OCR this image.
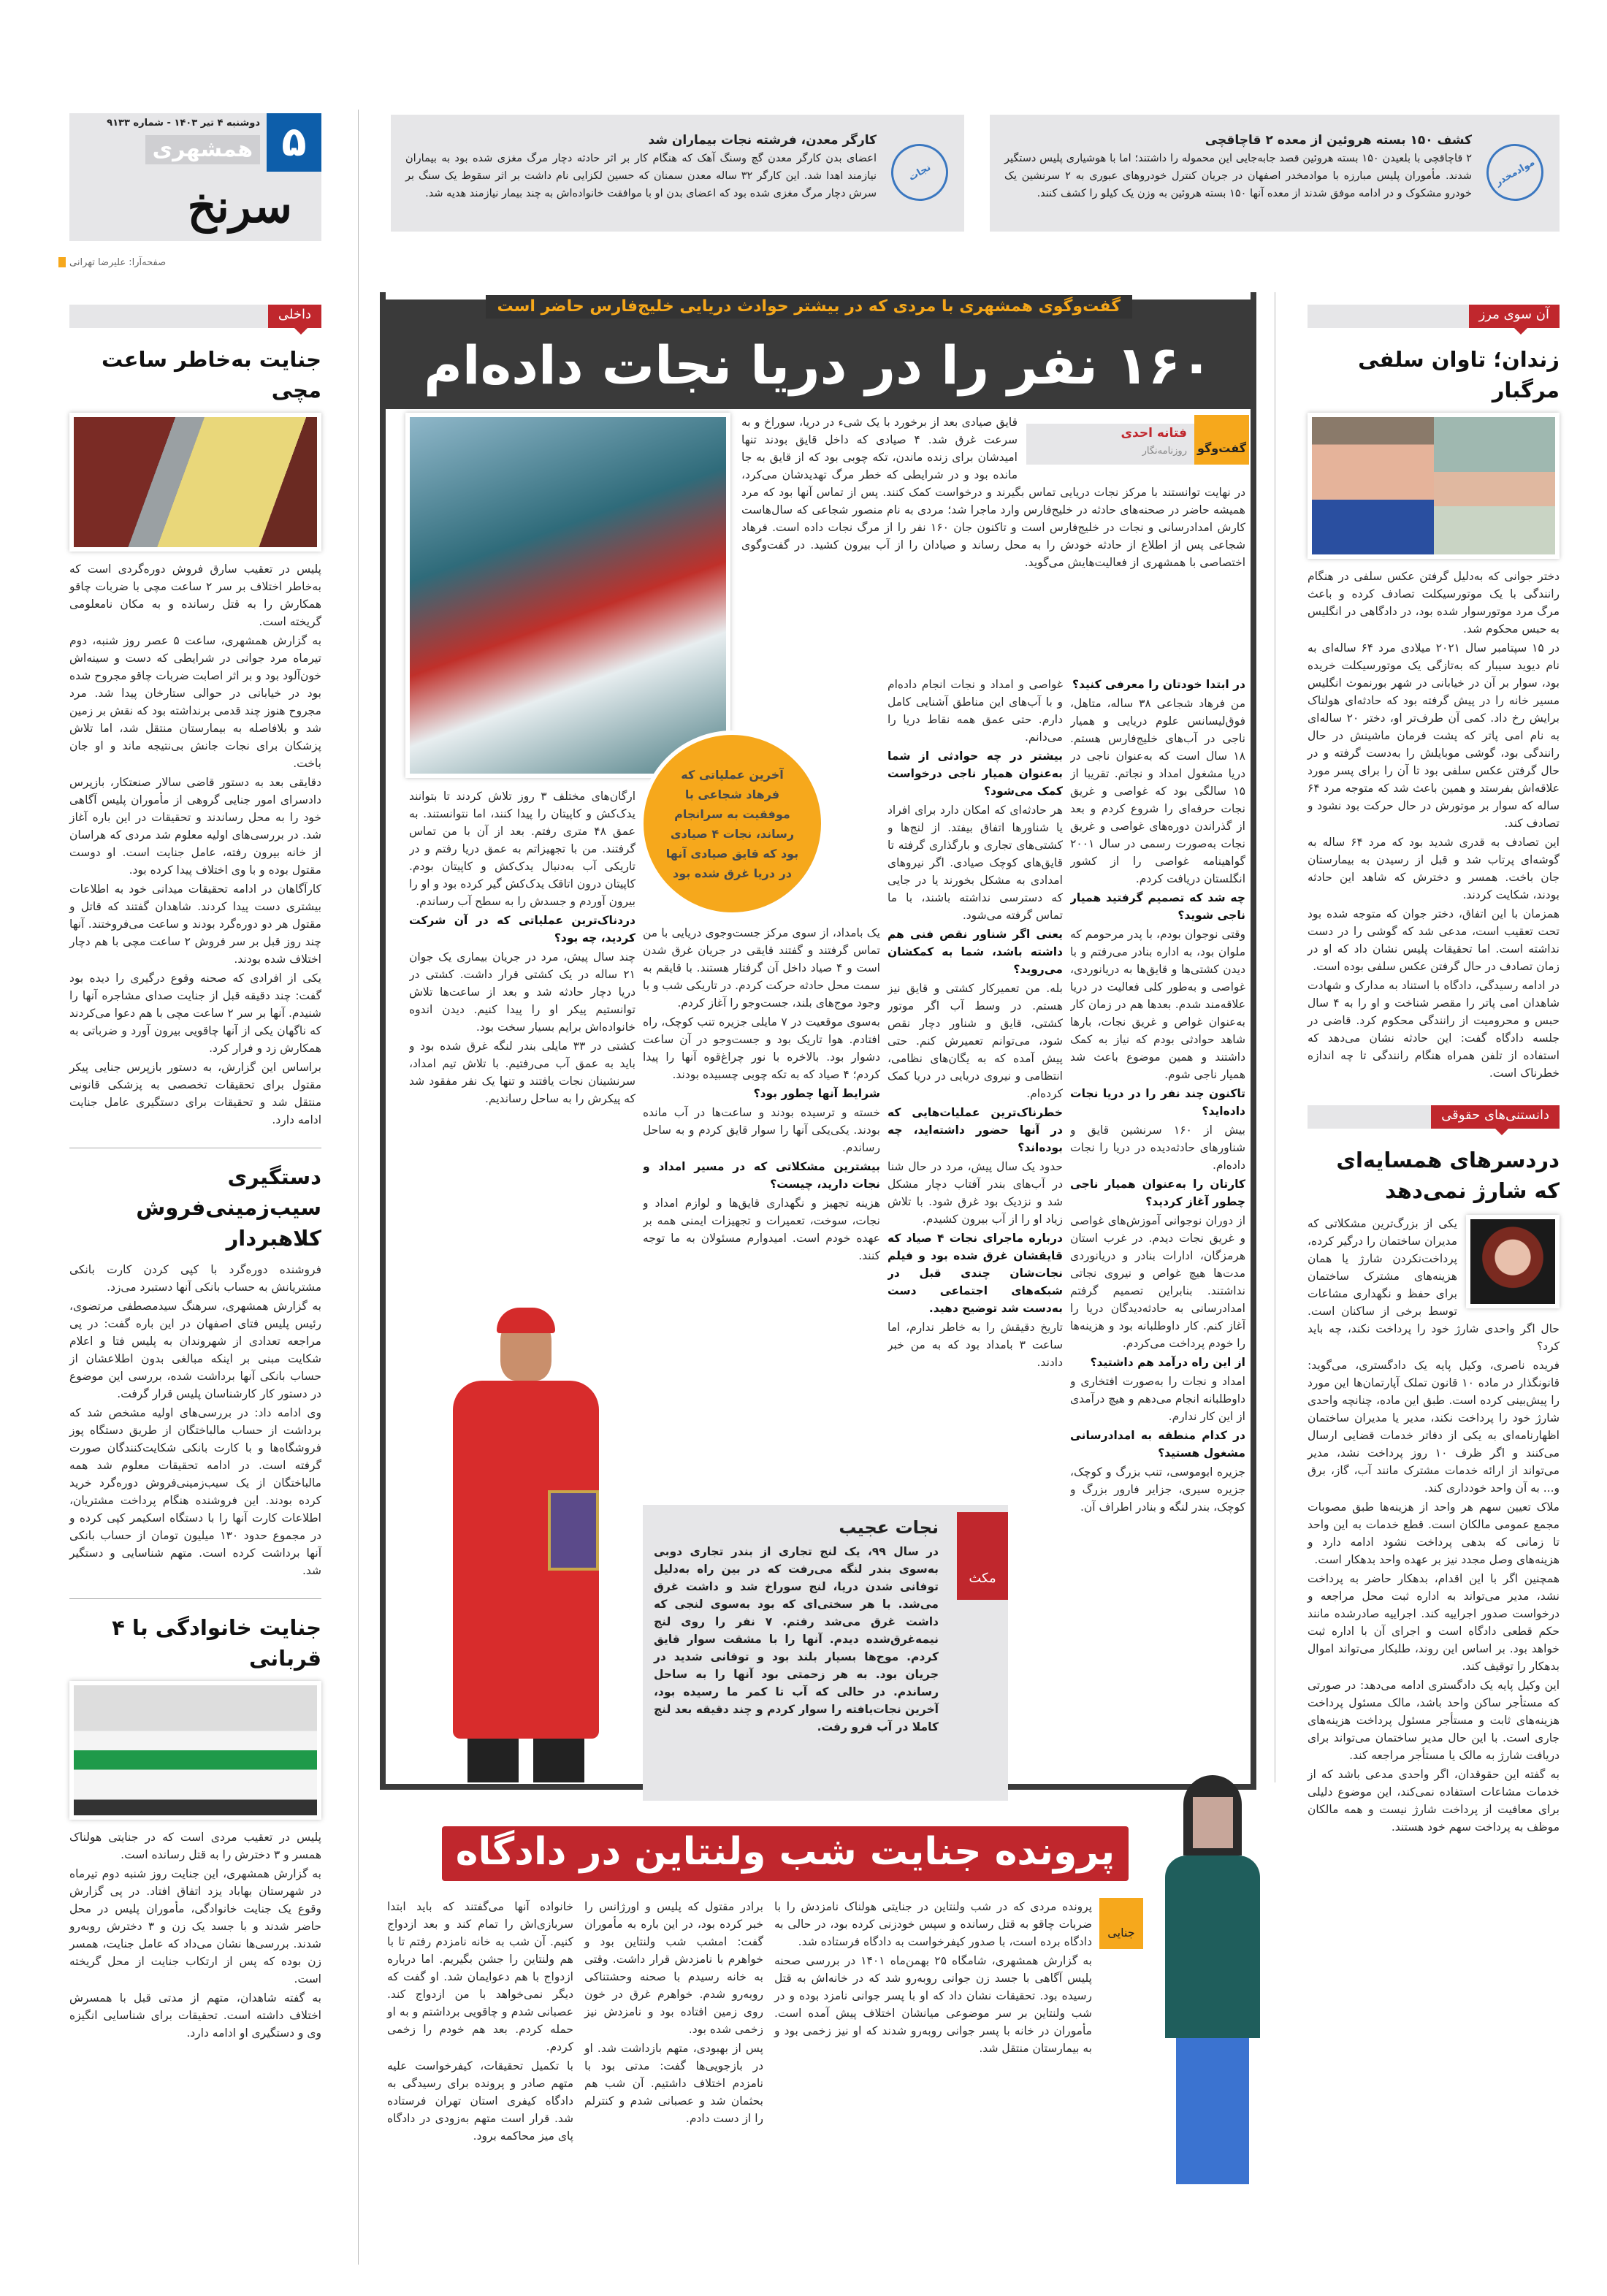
۵
دوشنبه ۴ تیر ۱۴۰۳ - شماره ۹۱۳۳
همشهری
سرنخ
صفحه‌آرا: علیرضا تهرانی
موادمخدر
کشف ۱۵۰ بسته هروئین از معده ۲ قاچاقچی
۲ قاچاقچی با بلعیدن ۱۵۰ بسته هروئین قصد جابه‌جایی این محموله را داشتند؛ اما با هوشیاری پلیس دستگیر شدند. مأموران پلیس مبارزه با موادمخدر اصفهان در جریان کنترل خودروهای عبوری به ۲ سرنشین یک خودرو مشکوک و در ادامه موفق شدند از معده آنها ۱۵۰ بسته هروئین به وزن یک کیلو را کشف کنند.
نجات
کارگر معدن، فرشته نجات بیماران شد
اعضای بدن کارگر معدن گچ وسنگ آهک که هنگام کار بر اثر حادثه دچار مرگ مغزی شده بود به بیماران نیازمند اهدا شد. این کارگر ۳۲ ساله معدن سمنان که حسین لکزایی نام داشت بر اثر سقوط یک سنگ بر سرش دچار مرگ مغزی شده بود که اعضای بدن او با موافقت خانواده‌اش به چند بیمار نیازمند هدیه شد.
گفت‌وگوی همشهری با مردی که در بیشتر حوادث دریایی خلیج‌فارس حاضر است
۱۶۰ نفر را در دریا نجات داده‌ام
گفت‌وگو
فتانه احدی
روزنامه‌نگار
قایق صیادی بعد از برخورد با یک شیء در دریا، سوراخ و به سرعت غرق شد. ۴ صیادی که داخل قایق بودند تنها امیدشان برای زنده ماندن، تکه چوبی بود که از قایق به جا مانده بود و در شرایطی که خطر مرگ تهدیدشان می‌کرد، در نهایت توانستند با مرکز نجات دریایی تماس بگیرند و درخواست کمک کنند. پس از تماس آنها بود که مرد همیشه حاضر در صحنه‌های حادثه در خلیج‌فارس وارد ماجرا شد؛ مردی به نام منصور شجاعی که سال‌هاست کارش امدادرسانی و نجات در خلیج‌فارس است و تاکنون جان ۱۶۰ نفر را از مرگ نجات داده است. فرهاد شجاعی پس از اطلاع از حادثه خودش را به محل رساند و صیادان را از آب بیرون کشید. در گفت‌وگوی اختصاصی با همشهری از فعالیت‌هایش می‌گوید.

در ابتدا خودتان را معرفی کنید؟

من فرهاد شجاعی ۳۸ ساله، متاهل، فوق‌لیسانس علوم دریایی و همیار ناجی در آب‌های خلیج‌فارس هستم. ۱۸ سال است که به‌عنوان ناجی در دریا مشغول امداد و نجاتم. تقریبا از ۱۵ سالگی بود که غواصی و غریق نجات حرفه‌ای را شروع کردم و بعد از گذراندن دوره‌های غواصی و غریق نجات به‌صورت رسمی در سال ۲۰۰۱ گواهینامه غواصی را از کشور انگلستان دریافت کردم.

چه شد که تصمیم گرفتید همیار ناجی شوید؟

وقتی نوجوان بودم، با پدر مرحومم که ملوان بود، به اداره بنادر می‌رفتم و با دیدن کشتی‌ها و قایق‌ها به دریانوردی، غواصی و به‌طور کلی فعالیت در دریا علاقه‌مند شدم. بعدها هم در زمان کار به‌عنوان غواص و غریق نجات، بارها شاهد حوادثی بودم که نیاز به کمک داشتند و همین موضوع باعث شد همیار ناجی شوم.

تاکنون چند نفر را در دریا نجات داده‌اید؟

بیش از ۱۶۰ سرنشین قایق و شناورهای حادثه‌دیده در دریا را نجات داده‌ام.

کارتان را به‌عنوان همیار ناجی چطور آغاز کردید؟

از دوران نوجوانی آموزش‌های غواصی و غریق نجات دیدم. در غرب استان هرمزگان، ادارات بنادر و دریانوردی مدت‌ها هیچ غواص و نیروی نجاتی نداشتند. بنابراین تصمیم گرفتم امدادرسانی به حادثه‌دیدگان دریا را آغاز کنم. کار داوطلبانه بود و هزینه‌ها را خودم پرداخت می‌کردم.

از این راه درآمد هم داشتید؟

امداد و نجات را به‌صورت افتخاری و داوطلبانه انجام می‌دهم و هیچ درآمدی از این کار ندارم.

در کدام منطقه به امدادرسانی مشغول هستید؟

جزیره ابوموسی، تنب بزرگ و کوچک، جزیره سیری، جزایر فارور بزرگ و کوچک، بندر لنگه و بنادر اطراف آن.

غواصی و امداد و نجات انجام داده‌ام و با آب‌های این مناطق آشنایی کامل دارم. حتی عمق همه نقاط دریا را می‌دانم.

بیشتر در چه حوادثی از شما به‌عنوان همیار ناجی درخواست کمک می‌شود؟

هر حادثه‌ای که امکان دارد برای افراد یا شناورها اتفاق بیفتد. از لنج‌ها و کشتی‌های تجاری و بارگذاری گرفته تا قایق‌های کوچک صیادی. اگر نیروهای امدادی به مشکل بخورند یا در جایی که دسترسی نداشته باشند، با ما تماس گرفته می‌شود.

یعنی اگر شناور نقص فنی هم داشته باشد، شما به کمکشان می‌روید؟

بله. من تعمیرکار کشتی و قایق نیز هستم. در وسط آب اگر موتور کشتی، قایق و شناور دچار نقص شود، می‌توانم تعمیرش کنم. حتی پیش آمده که به یگان‌های نظامی، انتظامی و نیروی دریایی در دریا کمک کرده‌ام.

خطرناک‌ترین عملیات‌هایی که در آنها حضور داشته‌اید، چه بوده‌اند؟

حدود یک سال پیش، مرد در حال شنا در آب‌های بندر آفتاب دچار مشکل شد و نزدیک بود غرق شود. با تلاش زیاد او را از آب بیرون کشیدم.

درباره ماجرای نجات ۴ صیاد که قایقشان غرق شده بود و فیلم نجات‌شان چندی قبل در شبکه‌های اجتماعی دست به‌دست شد توضیح دهید.

تاریخ دقیقش را به خاطر ندارم، اما ساعت ۳ بامداد بود که به من خبر دادند.

یک بامداد، از سوی مرکز جست‌وجوی دریایی با من تماس گرفتند و گفتند قایقی در جریان غرق شدن است و ۴ صیاد داخل آن گرفتار هستند. با قایقم به سمت محل حادثه حرکت کردم. در تاریکی شب و با وجود موج‌های بلند، جست‌وجو را آغاز کردم.

به‌سوی موقعیت در ۷ مایلی جزیره تنب کوچک، راه افتادم. هوا تاریک بود و جست‌وجو در آن ساعت دشوار بود. بالاخره با نور چراغ‌قوه آنها را پیدا کردم؛ ۴ صیاد که به تکه چوبی چسبیده بودند.

شرایط آنها چطور بود؟

خسته و ترسیده بودند و ساعت‌ها در آب مانده بودند. یکی‌یکی آنها را سوار قایق کردم و به ساحل رساندم.

بیشترین مشکلاتی که در مسیر امداد و نجات دارید، چیست؟

هزینه تجهیز و نگهداری قایق‌ها و لوازم امداد و نجات، سوخت، تعمیرات و تجهیزات ایمنی همه بر عهده خودم است. امیدوارم مسئولان به ما توجه کنند.

ارگان‌های مختلف ۳ روز تلاش کردند تا بتوانند یدک‌کش و کاپیتان را پیدا کنند، اما نتوانستند. به عمق ۴۸ متری رفتم. بعد از آن با من تماس گرفتند. من با تجهیزاتم به عمق دریا رفتم و در تاریکی آب به‌دنبال یدک‌کش و کاپیتان بودم. کاپیتان درون اتاقک یدک‌کش گیر کرده بود و او را بیرون آوردم و جسدش را به سطح آب رساندم.

دردناک‌ترین عملیاتی که در آن شرکت کردید، چه بود؟

چند سال پیش، مرد در جریان بیماری یک جوان ۲۱ ساله در یک کشتی قرار داشت. کشتی در دریا دچار حادثه شد و بعد از ساعت‌ها تلاش توانستیم پیکر او را پیدا کنیم. دیدن اندوه خانواده‌اش برایم بسیار سخت بود.

کشتی در ۳۳ مایلی بندر لنگه غرق شده بود و باید به عمق آب می‌رفتیم. با تلاش تیم امداد، سرنشینان نجات یافتند و تنها یک نفر مفقود شد که پیکرش را به ساحل رساندیم.

آخرین عملیاتی که فرهاد شجاعی با موفقیت به سرانجام رساند، نجات ۴ صیادی بود که قایق صیادی آنها در دریا غرق شده بود
مکث
نجات عجیب
در سال ۹۹، یک لنج تجاری از بندر تجاری دوبی به‌سوی بندر لنگه می‌رفت که در بین راه به‌دلیل توفانی شدن دریا، لنج سوراخ شد و داشت غرق می‌شد. با هر سختی‌ای که بود به‌سوی لنجی که داشت غرق می‌شد رفتم. ۷ نفر را روی لنج نیمه‌غرق‌شده دیدم. آنها را با مشقت سوار قایق کردم. موج‌ها بسیار بلند بود و توفانی شدید در جریان بود. به هر زحمتی بود آنها را به ساحل رساندم. در حالی که آب تا کمر ما رسیده بود، آخرین نجات‌یافته را سوار کردم و چند دقیقه بعد لنج کاملا در آب فرو رفت.
داخلی
جنایت به‌خاطر ساعت مچی

پلیس در تعقیب سارق فروش دوره‌گردی است که به‌خاطر اختلاف بر سر ۲ ساعت مچی با ضربات چاقو همکارش را به قتل رسانده و به مکان نامعلومی گریخته است.

به گزارش همشهری، ساعت ۵ عصر روز شنبه، دوم تیرماه مرد جوانی در شرایطی که دست و سینه‌اش خون‌آلود بود و بر اثر اصابت ضربات چاقو مجروح شده بود در خیابانی در حوالی ستارخان پیدا شد. مرد مجروح هنوز چند قدمی برنداشته بود که نقش بر زمین شد و بلافاصله به بیمارستان منتقل شد، اما تلاش پزشکان برای نجات جانش بی‌نتیجه ماند و او جان باخت.

دقایقی بعد به دستور قاضی سالار صنعتکار، بازپرس دادسرای امور جنایی گروهی از مأموران پلیس آگاهی خود را به محل رساندند و تحقیقات در این باره آغاز شد. در بررسی‌های اولیه معلوم شد مردی که هراسان از خانه بیرون رفته، عامل جنایت است. او دوست مقتول بوده و با وی اختلاف پیدا کرده بود.

کارآگاهان در ادامه تحقیقات میدانی خود به اطلاعات بیشتری دست پیدا کردند. شاهدان گفتند که قاتل و مقتول هر دو دوره‌گرد بودند و ساعت می‌فروختند. آنها چند روز قبل بر سر فروش ۲ ساعت مچی با هم دچار اختلاف شده بودند.

یکی از افرادی که صحنه وقوع درگیری را دیده بود گفت: چند دقیقه قبل از جنایت صدای مشاجره آنها را شنیدم. آنها بر سر ۲ ساعت مچی با هم دعوا می‌کردند که ناگهان یکی از آنها چاقویی بیرون آورد و ضرباتی به همکارش زد و فرار کرد.

براساس این گزارش، به دستور بازپرس جنایی پیکر مقتول برای تحقیقات تخصصی به پزشکی قانونی منتقل شد و تحقیقات برای دستگیری عامل جنایت ادامه دارد.

دستگیری سیب‌زمینی‌فروش کلاهبردار

فروشنده دوره‌گرد با کپی کردن کارت بانکی مشتریانش به حساب بانکی آنها دستبرد می‌زد.

به گزارش همشهری، سرهنگ سیدمصطفی مرتضوی، رئیس پلیس فتای اصفهان در این باره گفت: در پی مراجعه تعدادی از شهروندان به پلیس فتا و اعلام شکایت مبنی بر اینکه مبالغی بدون اطلاعشان از حساب بانکی آنها برداشت شده، بررسی این موضوع در دستور کار کارشناسان پلیس قرار گرفت.

وی ادامه داد: در بررسی‌های اولیه مشخص شد که برداشت از حساب مالباختگان از طریق دستگاه پوز فروشگاه‌ها و با کارت بانکی شکایت‌کنندگان صورت گرفته است. در ادامه تحقیقات معلوم شد همه مالباختگان از یک سیب‌زمینی‌فروش دوره‌گرد خرید کرده بودند. این فروشنده هنگام پرداخت مشتریان، اطلاعات کارت آنها را با دستگاه اسکیمر کپی کرده و در مجموع حدود ۱۳۰ میلیون تومان از حساب بانکی آنها برداشت کرده است. متهم شناسایی و دستگیر شد.

جنایت خانوادگی با ۴ قربانی

پلیس در تعقیب مردی است که در جنایتی هولناک همسر و ۳ دخترش را به قتل رسانده است.

به گزارش همشهری، این جنایت روز شنبه دوم تیرماه در شهرستان بهاباد یزد اتفاق افتاد. در پی گزارش وقوع یک جنایت خانوادگی، مأموران پلیس در محل حاضر شدند و با جسد یک زن و ۳ دخترش روبه‌رو شدند. بررسی‌ها نشان می‌داد که عامل جنایت، همسر زن بوده که پس از ارتکاب جنایت از محل گریخته است.

به گفته شاهدان، متهم از مدتی قبل با همسرش اختلاف داشته است. تحقیقات برای شناسایی انگیزه وی و دستگیری او ادامه دارد.

آن سوی مرز
زندان؛ تاوان سلفی مرگبار

دختر جوانی که به‌دلیل گرفتن عکس سلفی در هنگام رانندگی با یک موتورسیکلت تصادف کرده و باعث مرگ مرد موتورسوار شده بود، در دادگاهی در انگلیس به حبس محکوم شد.

در ۱۵ سپتامبر سال ۲۰۲۱ میلادی مرد ۶۴ ساله‌ای به نام دیوید سیبار که به‌تازگی یک موتورسیکلت خریده بود، سوار بر آن در خیابانی در شهر بورنموث انگلیس مسیر خانه را در پیش گرفته بود که حادثه‌ای هولناک برایش رخ داد. کمی آن طرف‌تر او، دختر ۲۰ ساله‌ای به نام امی پاتر که پشت فرمان ماشینش در حال رانندگی بود، گوشی موبایلش را به‌دست گرفته و در حال گرفتن عکس سلفی بود تا آن را برای پسر مورد علاقه‌اش بفرستد و همین باعث شد که متوجه مرد ۶۴ ساله که سوار بر موتورش در حال حرکت بود نشود و تصادف کند.

این تصادف به قدری شدید بود که مرد ۶۴ ساله به گوشه‌ای پرتاب شد و قبل از رسیدن به بیمارستان جان باخت. همسر و دخترش که شاهد این حادثه بودند، شکایت کردند.

همزمان با این اتفاق، دختر جوان که متوجه شده بود تحت تعقیب است، مدعی شد که گوشی را در دست نداشته است. اما تحقیقات پلیس نشان داد که او در زمان تصادف در حال گرفتن عکس سلفی بوده است.

در ادامه رسیدگی، دادگاه با استناد به مدارک و شهادت شاهدان امی پاتر را مقصر شناخت و او را به ۴ سال حبس و محرومیت از رانندگی محکوم کرد. قاضی در جلسه دادگاه گفت: این حادثه نشان می‌دهد که استفاده از تلفن همراه هنگام رانندگی تا چه اندازه خطرناک است.

دانستنی‌های حقوقی
دردسرهای همسایه‌ای که شارژ نمی‌دهد

یکی از بزرگ‌ترین مشکلاتی که مدیران ساختمان را درگیر کرده، پرداخت‌نکردن شارژ یا همان هزینه‌های مشترک ساختمان برای حفظ و نگهداری مشاعات توسط برخی از ساکنان است. حال اگر واحدی شارژ خود را پرداخت نکند، چه باید کرد؟

فریده ناصری، وکیل پایه یک دادگستری، می‌گوید: قانونگذار در ماده ۱۰ قانون تملک آپارتمان‌ها این مورد را پیش‌بینی کرده است. طبق این ماده، چنانچه واحدی شارژ خود را پرداخت نکند، مدیر یا مدیران ساختمان اظهارنامه‌ای به یکی از دفاتر خدمات قضایی ارسال می‌کنند و اگر ظرف ۱۰ روز پرداخت نشد، مدیر می‌تواند از ارائه خدمات مشترک مانند آب، گاز، برق و... به آن واحد خودداری کند.

ملاک تعیین سهم هر واحد از هزینه‌ها طبق مصوبات مجمع عمومی مالکان است. قطع خدمات به این واحد تا زمانی که بدهی پرداخت نشود ادامه دارد و هزینه‌های وصل مجدد نیز بر عهده واحد بدهکار است.

همچنین اگر با این اقدام، بدهکار حاضر به پرداخت نشد، مدیر می‌تواند به اداره ثبت محل مراجعه و درخواست صدور اجراییه کند. اجراییه صادرشده مانند حکم قطعی دادگاه است و اجرای آن با اداره ثبت خواهد بود. بر اساس این روند، طلبکار می‌تواند اموال بدهکار را توقیف کند.

این وکیل پایه یک دادگستری ادامه می‌دهد: در صورتی که مستأجر ساکن واحد باشد، مالک مسئول پرداخت هزینه‌های ثابت و مستأجر مسئول پرداخت هزینه‌های جاری است. با این حال مدیر ساختمان می‌تواند برای دریافت شارژ به مالک یا مستأجر مراجعه کند.

به گفته این حقوقدان، اگر واحدی مدعی باشد که از خدمات مشاعات استفاده نمی‌کند، این موضوع دلیلی برای معافیت از پرداخت شارژ نیست و همه مالکان موظف به پرداخت سهم خود هستند.

پرونده جنایت شب ولنتاین در دادگاه
جنایی

پرونده مردی که در شب ولنتاین در جنایتی هولناک نامزدش را با ضربات چاقو به قتل رسانده و سپس خودزنی کرده بود، در حالی به دادگاه برده است، با صدور کیفرخواست به دادگاه فرستاده شد.

به گزارش همشهری، شامگاه ۲۵ بهمن‌ماه ۱۴۰۱ در بررسی صحنه پلیس آگاهی با جسد زن جوانی روبه‌رو شد که در خانه‌اش به قتل رسیده بود. تحقیقات نشان داد که او با پسر جوانی نامزد بوده و در شب ولنتاین بر سر موضوعی میانشان اختلاف پیش آمده است. مأموران در خانه با پسر جوانی روبه‌رو شدند که او نیز زخمی بود و به بیمارستان منتقل شد.

برادر مقتول که پلیس و اورژانس را خبر کرده بود، در این باره به مأموران گفت: امشب شب ولنتاین بود و خواهرم با نامزدش قرار داشت. وقتی به خانه رسیدم با صحنه وحشتناکی روبه‌رو شدم. خواهرم غرق در خون روی زمین افتاده بود و نامزدش نیز زخمی شده بود.

پس از بهبودی، متهم بازداشت شد. او در بازجویی‌ها گفت: مدتی بود با نامزدم اختلاف داشتیم. آن شب هم بحثمان شد و عصبانی شدم و کنترلم را از دست دادم.

خانواده آنها می‌گفتند که باید ابتدا سربازی‌اش را تمام کند و بعد ازدواج کنیم. آن شب به خانه نامزدم رفتم تا با هم ولنتاین را جشن بگیریم. اما درباره ازدواج با هم دعوایمان شد. او گفت که دیگر نمی‌خواهد با من ازدواج کند. عصبانی شدم و چاقویی برداشتم و به او حمله کردم. بعد هم خودم را زخمی کردم.

با تکمیل تحقیقات، کیفرخواست علیه متهم صادر و پرونده برای رسیدگی به دادگاه کیفری استان تهران فرستاده شد. قرار است متهم به‌زودی در دادگاه پای میز محاکمه برود.
